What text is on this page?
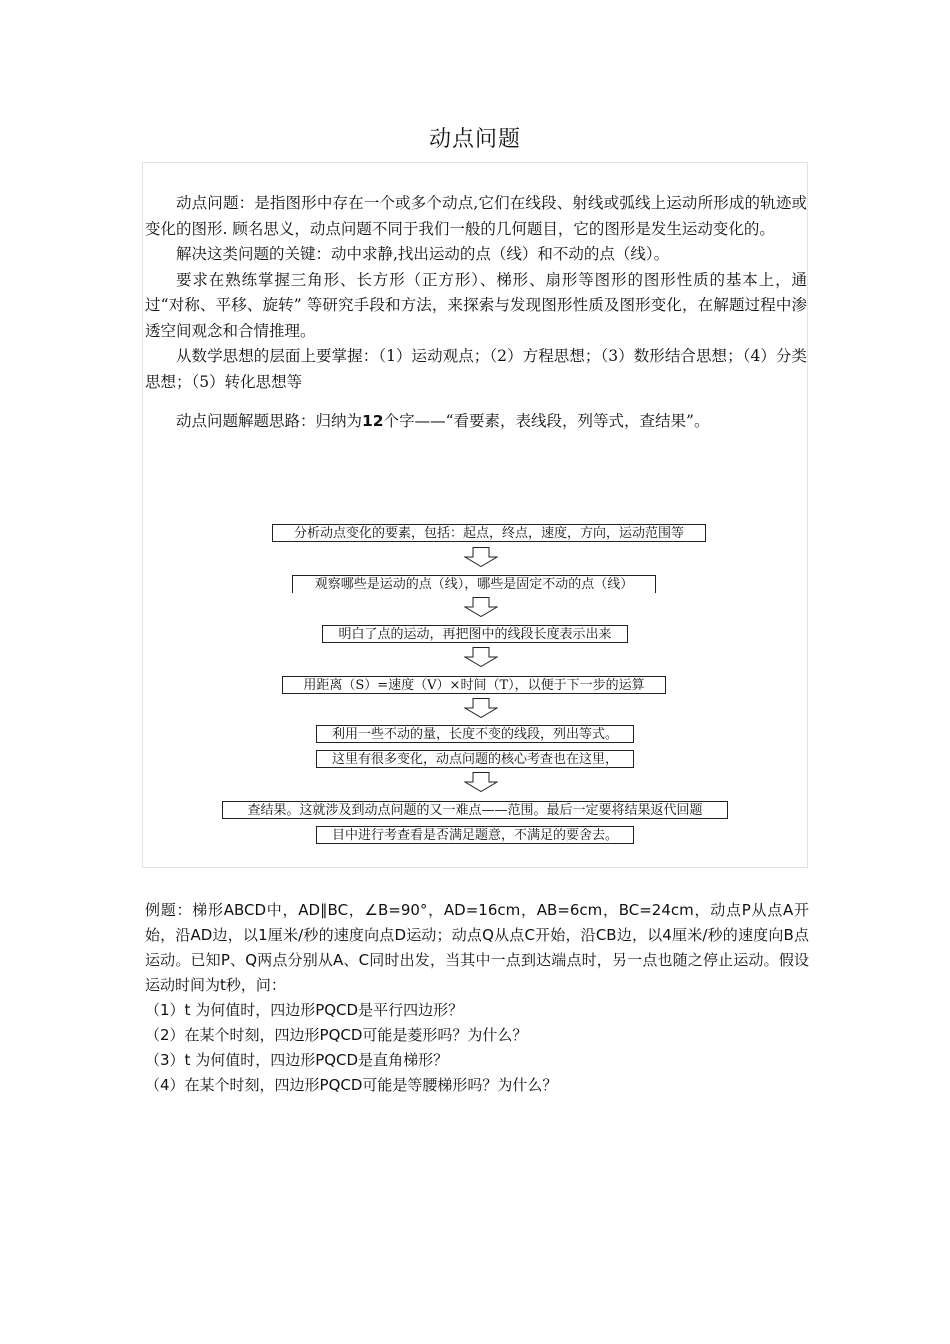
动点问题

动点问题：是指图形中存在一个或多个动点,它们在线段、射线或弧线上运动所形成的轨迹或变化的图形. 顾名思义，动点问题不同于我们一般的几何题目，它的图形是发生运动变化的。

解决这类问题的关键：动中求静,找出运动的点（线）和不动的点（线）。

要求在熟练掌握三角形、长方形（正方形）、梯形、扇形等图形的图形性质的基本上，通过“对称、平移、旋转” 等研究手段和方法，来探索与发现图形性质及图形变化，在解题过程中渗透空间观念和合情推理。

从数学思想的层面上要掌握：（1）运动观点；（2）方程思想；（3）数形结合思想；（4）分类思想；（5）转化思想等

动点问题解题思路：归纳为12个字——“看要素，表线段，列等式，查结果”。

分析动点变化的要素，包括：起点，终点，速度，方向，运动范围等
观察哪些是运动的点（线），哪些是固定不动的点（线）
明白了点的运动，再把图中的线段长度表示出来
用距离（S）=速度（V）×时间（T），以便于下一步的运算
利用一些不动的量，长度不变的线段，列出等式。
这里有很多变化，动点问题的核心考查也在这里，
查结果。这就涉及到动点问题的又一难点——范围。最后一定要将结果返代回题
目中进行考查看是否满足题意，不满足的要舍去。

例题：梯形ABCD中，AD∥BC，∠B=90°，AD=16cm，AB=6cm，BC=24cm，动点P从点A开始，沿AD边，以1厘米/秒的速度向点D运动；动点Q从点C开始，沿CB边，以4厘米/秒的速度向B点运动。已知P、Q两点分别从A、C同时出发，当其中一点到达端点时，另一点也随之停止运动。假设运动时间为t秒，问：

（1）t 为何值时，四边形PQCD是平行四边形？

（2）在某个时刻，四边形PQCD可能是菱形吗？为什么？

（3）t 为何值时，四边形PQCD是直角梯形？

（4）在某个时刻，四边形PQCD可能是等腰梯形吗？为什么？
